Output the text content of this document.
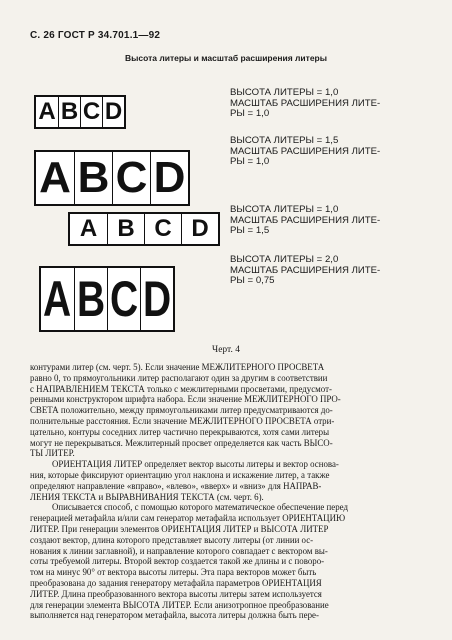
С. 26 ГОСТ Р 34.701.1—92
Высота литеры и масштаб расширения литеры
A B C D
ВЫСОТА ЛИТЕРЫ = 1,0
МАСШТАБ РАСШИРЕНИЯ ЛИТЕ-
РЫ = 1,0
A B C D
ВЫСОТА ЛИТЕРЫ = 1,5
МАСШТАБ РАСШИРЕНИЯ ЛИТЕ-
РЫ = 1,0
A B C D
ВЫСОТА ЛИТЕРЫ = 1,0
МАСШТАБ РАСШИРЕНИЯ ЛИТЕ-
РЫ = 1,5
A B C D
ВЫСОТА ЛИТЕРЫ = 2,0
МАСШТАБ РАСШИРЕНИЯ ЛИТЕ-
РЫ = 0,75
Черт. 4
контурами литер (см. черт. 5). Если значение МЕЖЛИТЕРНОГО ПРОСВЕТА
равно 0, то прямоугольники литер располагают один за другим в соответствии
с НАПРАВЛЕНИЕМ ТЕКСТА только с межлитерными просветами, предусмот-
ренными конструктором шрифта набора. Если значение МЕЖЛИТЕРНОГО ПРО-
СВЕТА положительно, между прямоугольниками литер предусматриваются до-
полнительные расстояния. Если значение МЕЖЛИТЕРНОГО ПРОСВЕТА отри-
цательно, контуры соседних литер частично перекрываются, хотя сами литеры
могут не перекрываться. Межлитерный просвет определяется как часть ВЫСО-
ТЫ ЛИТЕР.
ОРИЕНТАЦИЯ ЛИТЕР определяет вектор высоты литеры и вектор основа-
ния, которые фиксируют ориентацию угол наклона и искажение литер, а также
определяют направление «вправо», «влево», «вверх» и «вниз» для НАПРАВ-
ЛЕНИЯ ТЕКСТА и ВЫРАВНИВАНИЯ ТЕКСТА (см. черт. 6).
Описывается способ, с помощью которого математическое обеспечение перед
генерацией метафайла и/или сам генератор метафайла использует ОРИЕНТАЦИЮ
ЛИТЕР. При генерации элементов ОРИЕНТАЦИЯ ЛИТЕР и ВЫСОТА ЛИТЕР
создают вектор, длина которого представляет высоту литеры (от линии ос-
нования к линии заглавной), и направление которого совпадает с вектором вы-
соты требуемой литеры. Второй вектор создается такой же длины и с поворо-
том на минус 90° от вектора высоты литеры. Эта пара векторов может быть
преобразована до задания генератору метафайла параметров ОРИЕНТАЦИЯ
ЛИТЕР. Длина преобразованного вектора высоты литеры затем используется
для генерации элемента ВЫСОТА ЛИТЕР. Если анизотропное преобразование
выполняется над генератором метафайла, высота литеры должна быть пере-
